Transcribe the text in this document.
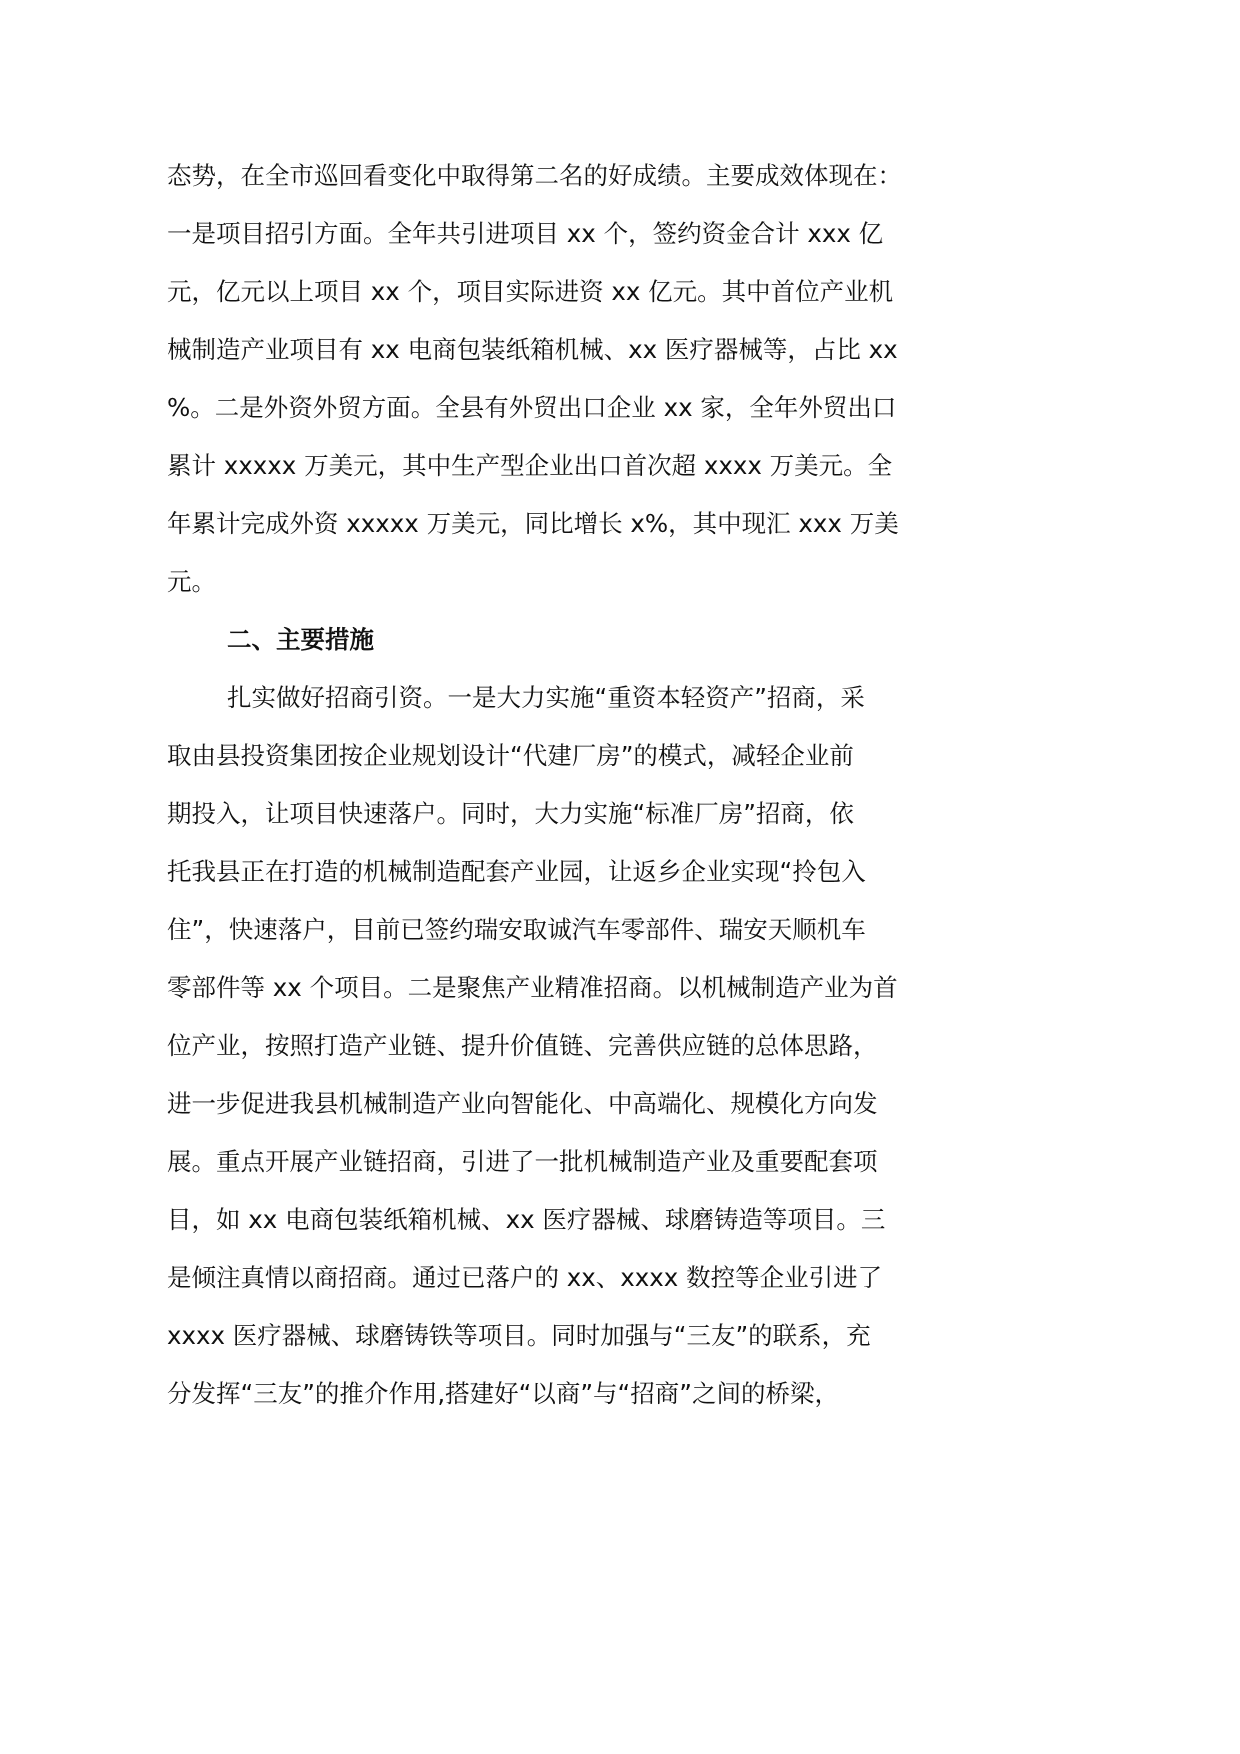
态势，在全市巡回看变化中取得第二名的好成绩。主要成效体现在：

一是项目招引方面。全年共引进项目 xx 个，签约资金合计 xxx 亿

元，亿元以上项目 xx 个，项目实际进资 xx 亿元。其中首位产业机

械制造产业项目有 xx 电商包装纸箱机械、xx 医疗器械等，占比 xx

%。二是外资外贸方面。全县有外贸出口企业 xx 家，全年外贸出口

累计 xxxxx 万美元，其中生产型企业出口首次超 xxxx 万美元。全

年累计完成外资 xxxxx 万美元，同比增长 x%，其中现汇 xxx 万美

元。

二、主要措施

扎实做好招商引资。一是大力实施“重资本轻资产”招商，采

取由县投资集团按企业规划设计“代建厂房”的模式，减轻企业前

期投入，让项目快速落户。同时，大力实施“标准厂房”招商，依

托我县正在打造的机械制造配套产业园，让返乡企业实现“拎包入

住”，快速落户，目前已签约瑞安取诚汽车零部件、瑞安天顺机车

零部件等 xx 个项目。二是聚焦产业精准招商。以机械制造产业为首

位产业，按照打造产业链、提升价值链、完善供应链的总体思路，

进一步促进我县机械制造产业向智能化、中高端化、规模化方向发

展。重点开展产业链招商，引进了一批机械制造产业及重要配套项

目，如 xx 电商包装纸箱机械、xx 医疗器械、球磨铸造等项目。三

是倾注真情以商招商。通过已落户的 xx、xxxx 数控等企业引进了

xxxx 医疗器械、球磨铸铁等项目。同时加强与“三友”的联系，充

分发挥“三友”的推介作用,搭建好“以商”与“招商”之间的桥梁，
